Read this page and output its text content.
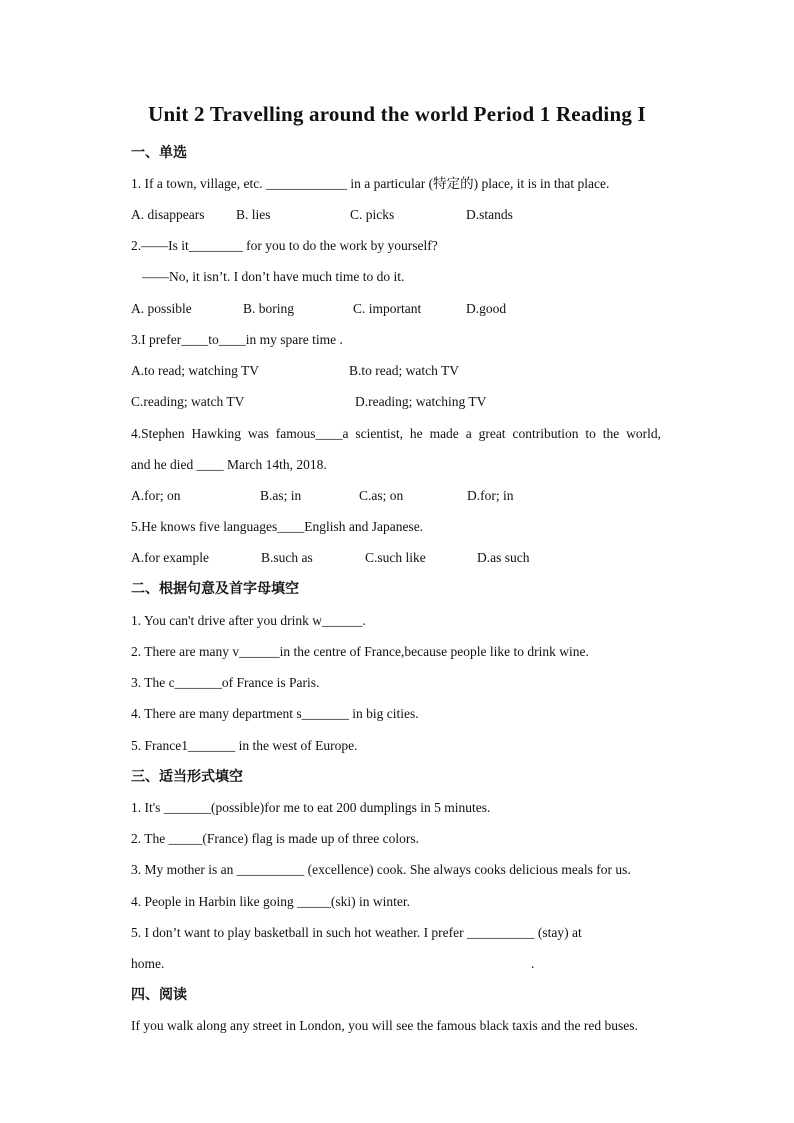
Unit 2 Travelling around the world Period 1 Reading I
一、单选
1. If a town, village, etc. ____________ in a particular (特定的) place, it is in that place.
A. disappears B. lies	C. picks	D.stands
2.——Is it________ for you to do the work by yourself?
——No, it isn’t. I don’t have much time to do it.
A. possible	B. boring	C. important	D.good
3.I prefer____to____in my spare time .
A.to read; watching TV	B.to read; watch TV
C.reading; watch TV	D.reading; watching TV
4.Stephen Hawking was famous____a scientist, he made a great contribution to the world,
and he died ____ March 14th, 2018.
A.for; on	B.as; in	C.as; on	D.for; in
5.He knows five languages____English and Japanese.
A.for example	B.such as	C.such like	D.as such
二、根据句意及首字母填空
1. You can't drive after you drink w______.
2. There are many v______in the centre of France,because people like to drink wine.
3. The c_______of France is Paris.
4. There are many department s_______ in big cities.
5. France1_______ in the west of Europe.
三、适当形式填空
1. It's _______(possible)for me to eat 200 dumplings in 5 minutes.
2. The _____(France) flag is made up of three colors.
3. My mother is an __________ (excellence) cook. She always cooks delicious meals for us.
4. People in Harbin like going _____(ski) in winter.
5. I don’t want to play basketball in such hot weather. I prefer __________ (stay) at
home.	.
四、阅读
If you walk along any street in London, you will see the famous black taxis and the red buses.
